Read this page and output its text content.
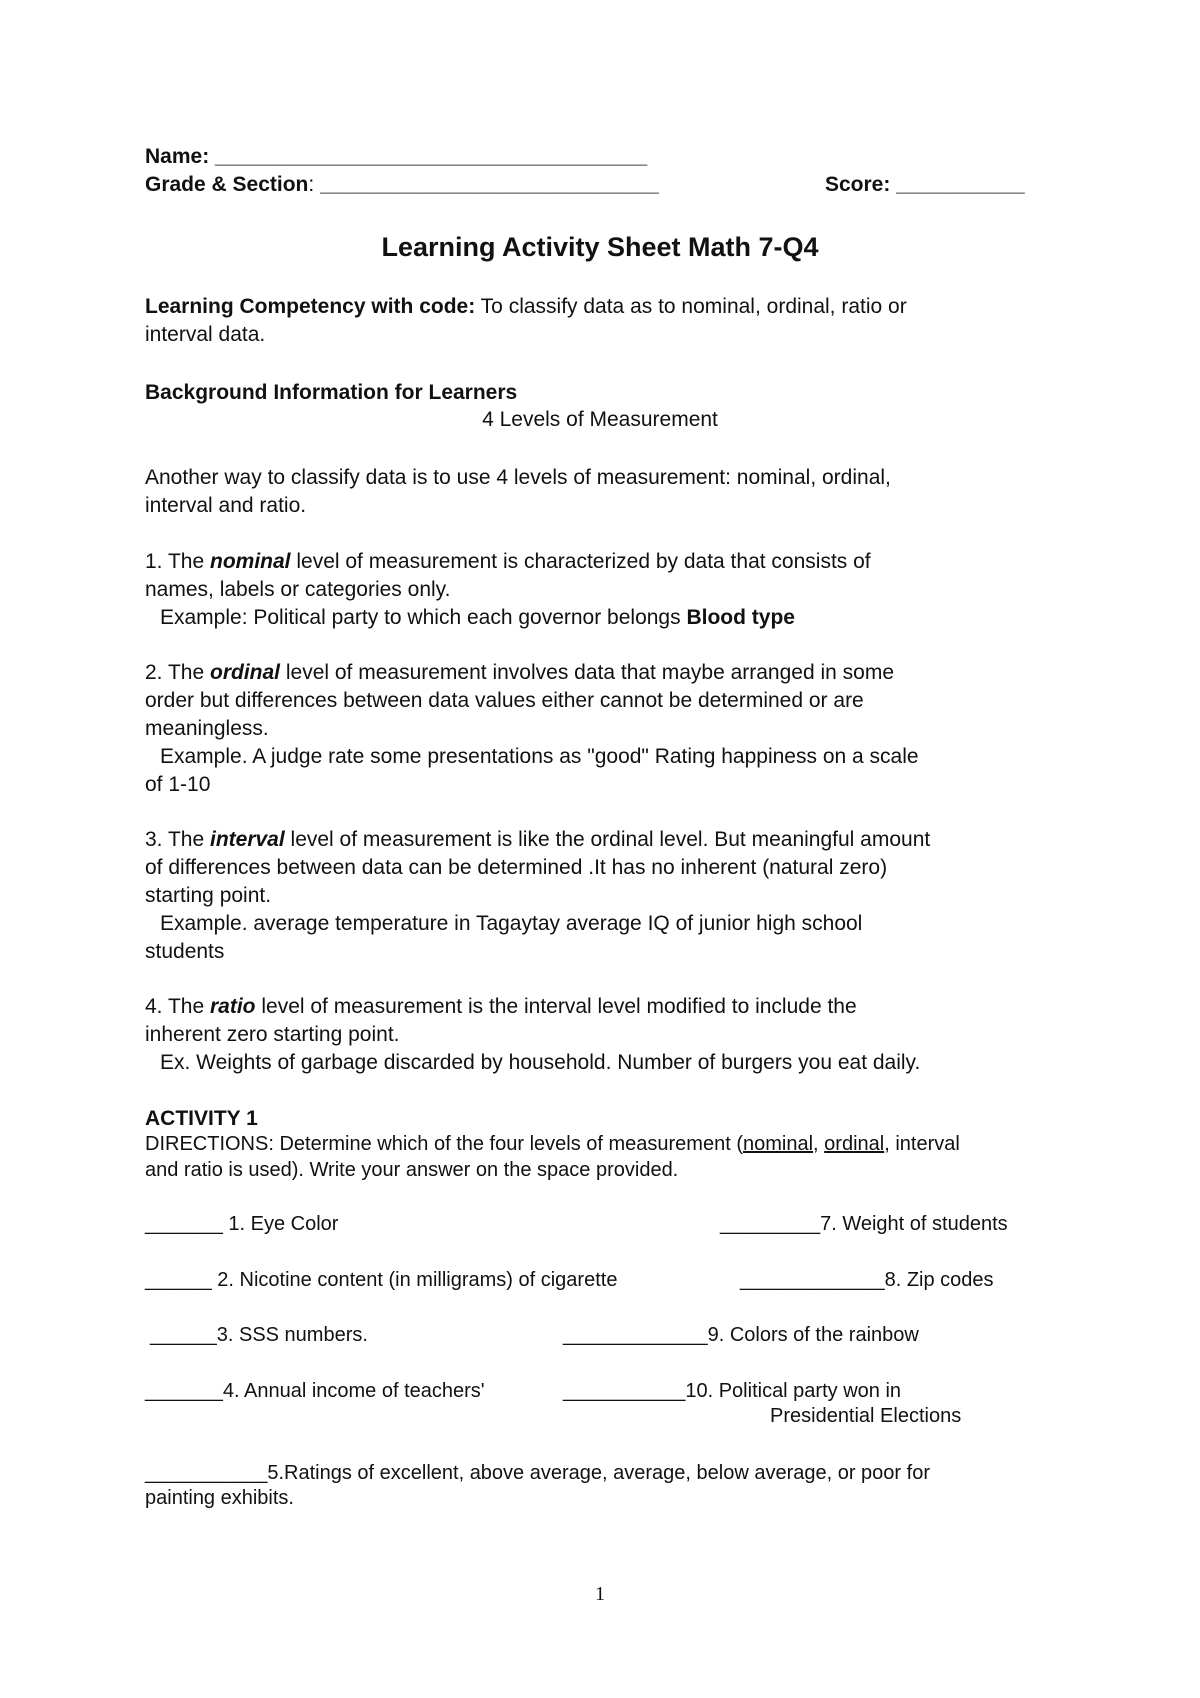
Name: _____________________________________
Grade & Section: _____________________________	Score: ___________
Learning Activity Sheet Math 7-Q4
Learning Competency with code: To classify data as to nominal, ordinal, ratio or
interval data.
Background Information for Learners
4 Levels of Measurement
Another way to classify data is to use 4 levels of measurement: nominal, ordinal,
interval and ratio.
1. The nominal level of measurement is characterized by data that consists of
names, labels or categories only.
Example: Political party to which each governor belongs Blood type
2. The ordinal level of measurement involves data that maybe arranged in some
order but differences between data values either cannot be determined or are
meaningless.
Example. A judge rate some presentations as "good" Rating happiness on a scale
of 1-10
3. The interval level of measurement is like the ordinal level. But meaningful amount
of differences between data can be determined .It has no inherent (natural zero)
starting point.
Example. average temperature in Tagaytay average IQ of junior high school
students
4. The ratio level of measurement is the interval level modified to include the
inherent zero starting point.
Ex. Weights of garbage discarded by household. Number of burgers you eat daily.
ACTIVITY 1
DIRECTIONS: Determine which of the four levels of measurement (nominal, ordinal, interval
and ratio is used). Write your answer on the space provided.
_______ 1. Eye Color	_________7. Weight of students
______ 2. Nicotine content (in milligrams) of cigarette	_____________8. Zip codes
______3. SSS numbers.	_____________9. Colors of the rainbow
_______4. Annual income of teachers'	___________10. Political party won in
Presidential Elections
___________5.Ratings of excellent, above average, average, below average, or poor for
painting exhibits.
1
